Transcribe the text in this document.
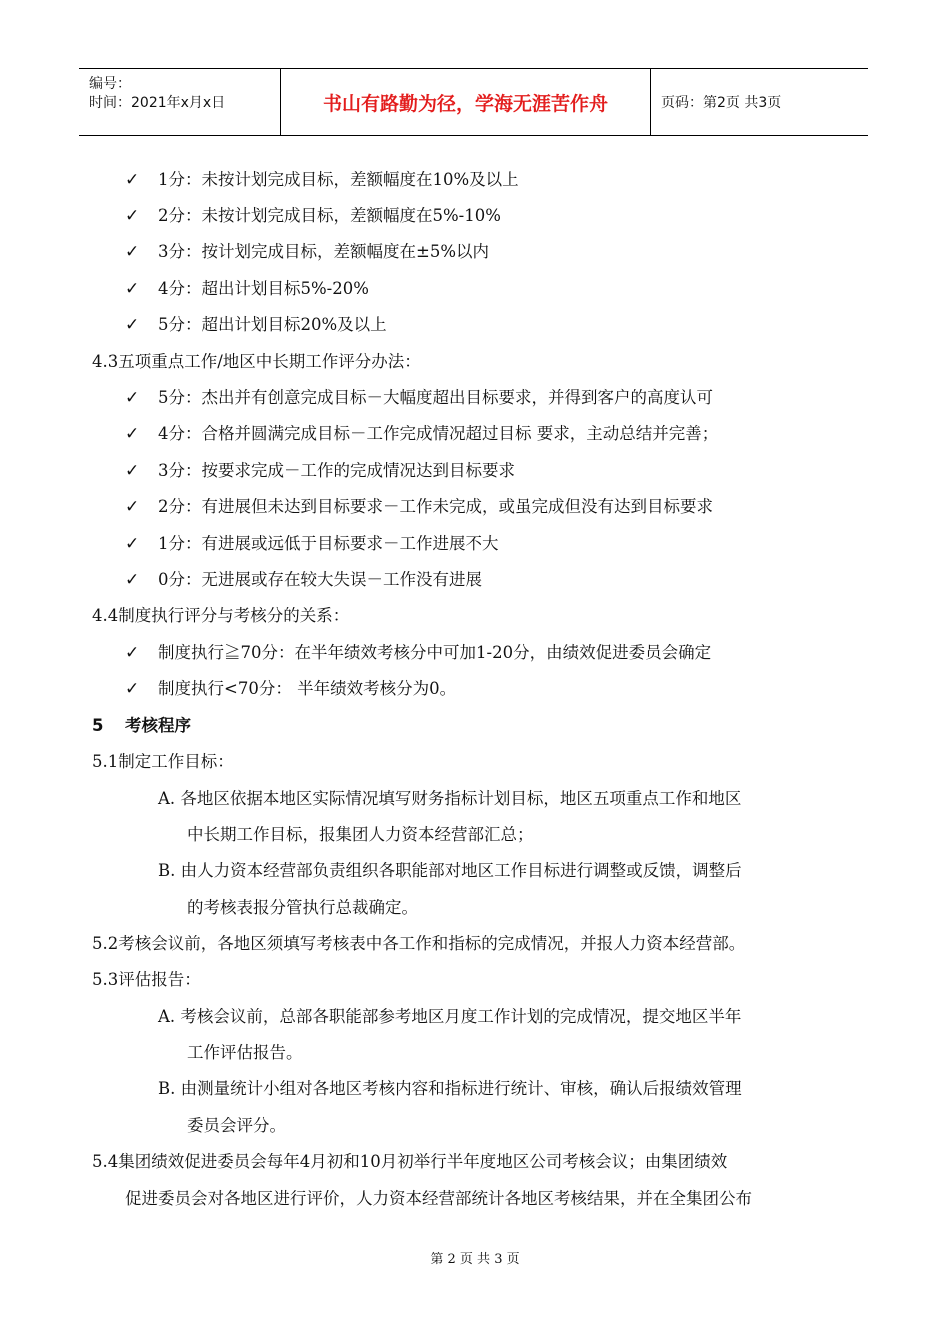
编号：
时间：2021年x月x日	书山有路勤为径，学海无涯苦作舟	页码：第2页 共3页
✓ 1分：未按计划完成目标，差额幅度在10%及以上
✓ 2分：未按计划完成目标，差额幅度在5%-10%
✓ 3分：按计划完成目标，差额幅度在±5%以内
✓ 4分：超出计划目标5%-20%
✓ 5分：超出计划目标20%及以上
4.3五项重点工作/地区中长期工作评分办法：
✓ 5分：杰出并有创意完成目标－大幅度超出目标要求，并得到客户的高度认可
✓ 4分：合格并圆满完成目标－工作完成情况超过目标 要求，主动总结并完善；
✓ 3分：按要求完成－工作的完成情况达到目标要求
✓ 2分：有进展但未达到目标要求－工作未完成，或虽完成但没有达到目标要求
✓ 1分：有进展或远低于目标要求－工作进展不大
✓ 0分：无进展或存在较大失误－工作没有进展
4.4制度执行评分与考核分的关系：
✓ 制度执行≧70分：在半年绩效考核分中可加1-20分，由绩效促进委员会确定
✓ 制度执行<70分： 半年绩效考核分为0。
5 考核程序
5.1制定工作目标：
A. 各地区依据本地区实际情况填写财务指标计划目标，地区五项重点工作和地区
中长期工作目标，报集团人力资本经营部汇总；
B. 由人力资本经营部负责组织各职能部对地区工作目标进行调整或反馈，调整后
的考核表报分管执行总裁确定。
5.2考核会议前，各地区须填写考核表中各工作和指标的完成情况，并报人力资本经营部。
5.3评估报告：
A. 考核会议前，总部各职能部参考地区月度工作计划的完成情况，提交地区半年
工作评估报告。
B. 由测量统计小组对各地区考核内容和指标进行统计、审核，确认后报绩效管理
委员会评分。
5.4集团绩效促进委员会每年4月初和10月初举行半年度地区公司考核会议；由集团绩效
促进委员会对各地区进行评价，人力资本经营部统计各地区考核结果，并在全集团公布
第 2 页 共 3 页
